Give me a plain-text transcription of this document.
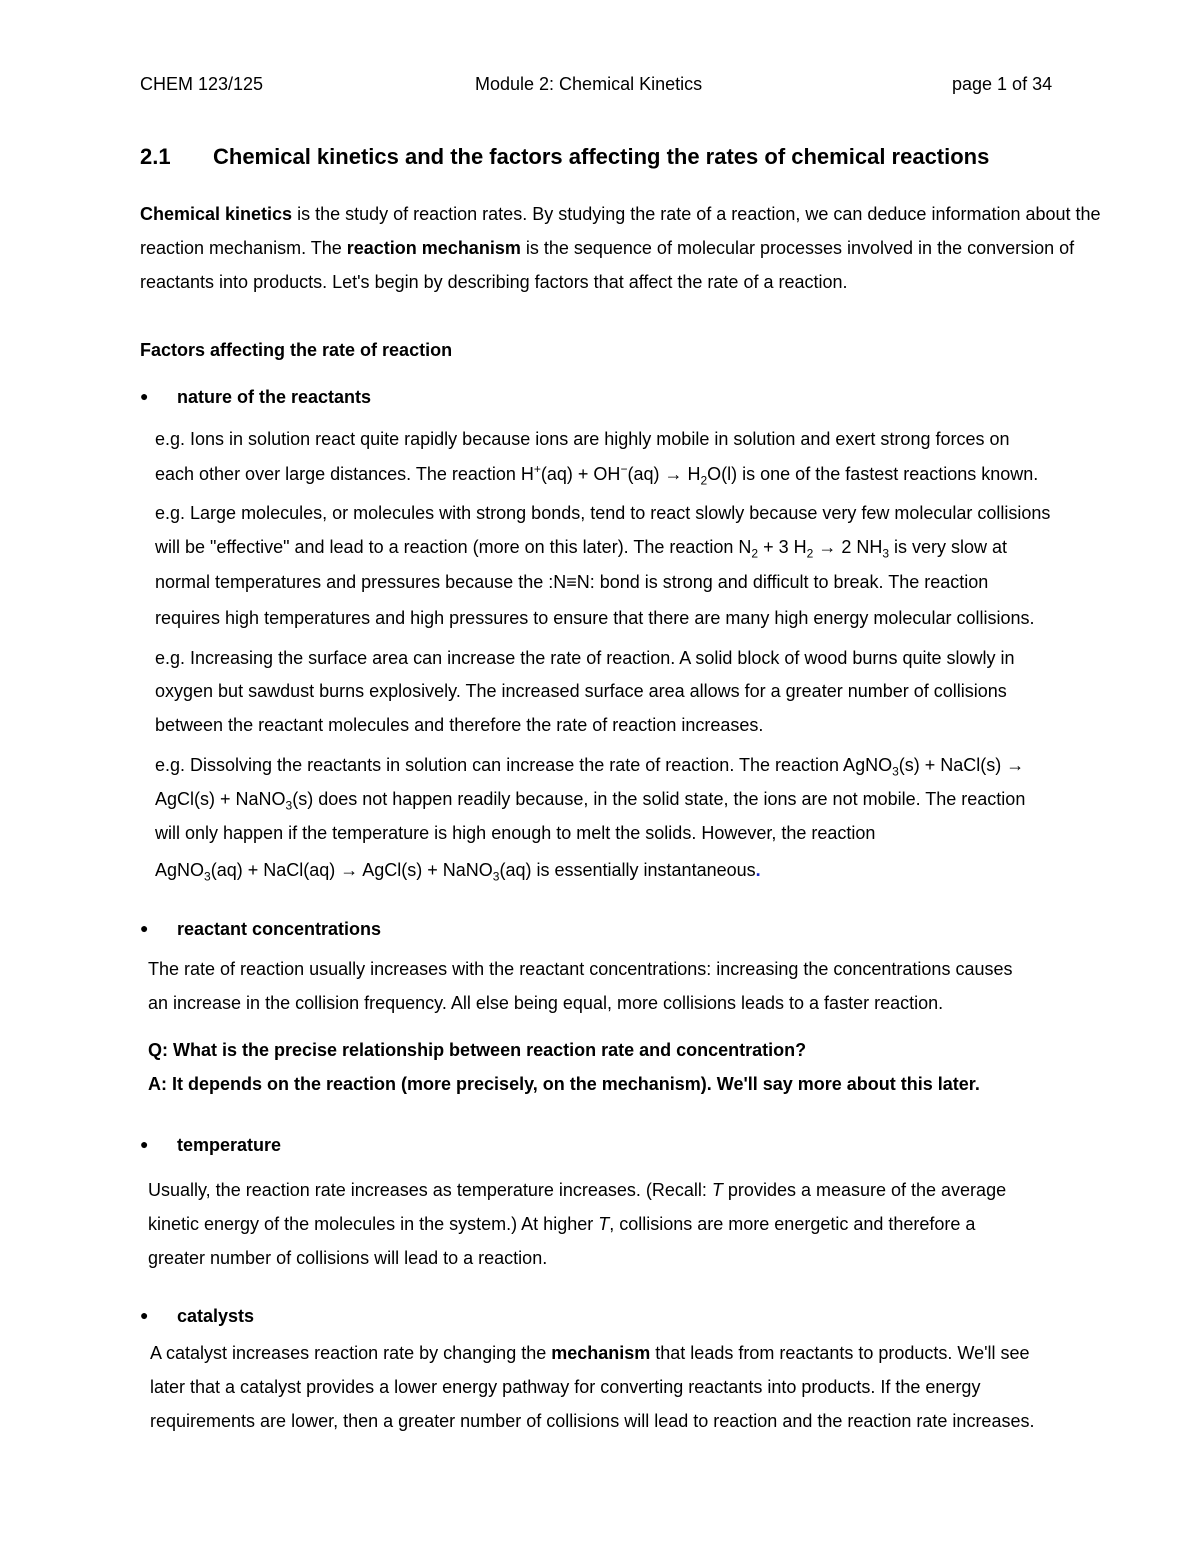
CHEM 123/125	Module 2: Chemical Kinetics	page 1 of 34
2.1 Chemical kinetics and the factors affecting the rates of chemical reactions
Chemical kinetics is the study of reaction rates. By studying the rate of a reaction, we can deduce information about the reaction mechanism. The reaction mechanism is the sequence of molecular processes involved in the conversion of reactants into products. Let's begin by describing factors that affect the rate of a reaction.
Factors affecting the rate of reaction
● nature of the reactants
e.g. Ions in solution react quite rapidly because ions are highly mobile in solution and exert strong forces on
each other over large distances. The reaction $H^+(aq) + OH^-(aq) \to H_2O(l)$ is one of the fastest reactions known.
e.g. Large molecules, or molecules with strong bonds, tend to react slowly because very few molecular collisions
will be "effective" and lead to a reaction (more on this later). The reaction $N_2 + 3$ $H_2 \to 2$ $NH_3$ is very slow at
normal temperatures and pressures because the :N≡N: bond is strong and difficult to break. The reaction
requires high temperatures and high pressures to ensure that there are many high energy molecular collisions.
e.g. Increasing the surface area can increase the rate of reaction. A solid block of wood burns quite slowly in
oxygen but sawdust burns explosively. The increased surface area allows for a greater number of collisions
between the reactant molecules and therefore the rate of reaction increases.
e.g. Dissolving the reactants in solution can increase the rate of reaction. The reaction AgNO$_3$(s) + NaCl(s) →
AgCl(s) + NaNO$_3$(s) does not happen readily because, in the solid state, the ions are not mobile. The reaction
will only happen if the temperature is high enough to melt the solids. However, the reaction
AgNO$_3$(aq) + NaCl(aq) → AgCl(s) + NaNO$_3$(aq) is essentially instantaneous.
● reactant concentrations
The rate of reaction usually increases with the reactant concentrations: increasing the concentrations causes
an increase in the collision frequency. All else being equal, more collisions leads to a faster reaction.
Q: What is the precise relationship between reaction rate and concentration?
A: It depends on the reaction (more precisely, on the mechanism). We'll say more about this later.
● temperature
Usually, the reaction rate increases as temperature increases. (Recall: T provides a measure of the average
kinetic energy of the molecules in the system.) At higher T, collisions are more energetic and therefore a
greater number of collisions will lead to a reaction.
● catalysts
A catalyst increases reaction rate by changing the mechanism that leads from reactants to products. We'll see
later that a catalyst provides a lower energy pathway for converting reactants into products. If the energy
requirements are lower, then a greater number of collisions will lead to reaction and the reaction rate increases.
